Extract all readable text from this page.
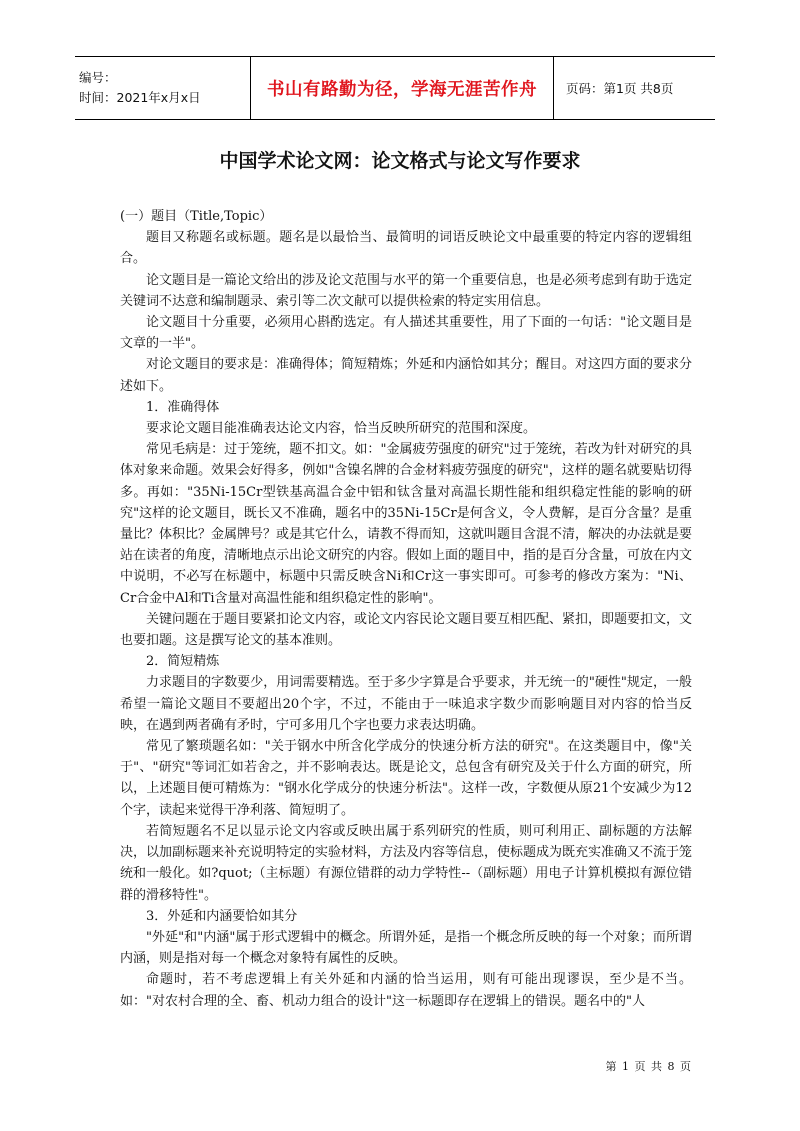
编号：
时间：2021年x月x日	书山有路勤为径，学海无涯苦作舟 页码：第1页 共8页
中国学术论文网：论文格式与论文写作要求

(一）题目（Title,Topic）

题目又称题名或标题。题名是以最恰当、最简明的词语反映论文中最重要的特定内容的逻辑组合。

论文题目是一篇论文给出的涉及论文范围与水平的第一个重要信息，也是必须考虑到有助于选定关键词不达意和编制题录、索引等二次文献可以提供检索的特定实用信息。

论文题目十分重要，必须用心斟酌选定。有人描述其重要性，用了下面的一句话："论文题目是文章的一半"。

对论文题目的要求是：准确得体；简短精炼；外延和内涵恰如其分；醒目。对这四方面的要求分述如下。

1．准确得体

要求论文题目能准确表达论文内容，恰当反映所研究的范围和深度。

常见毛病是：过于笼统，题不扣文。如："金属疲劳强度的研究"过于笼统，若改为针对研究的具体对象来命题。效果会好得多，例如"含镍名牌的合金材料疲劳强度的研究"，这样的题名就要贴切得多。再如："35Ni-15Cr型铁基高温合金中铝和钛含量对高温长期性能和组织稳定性能的影响的研究"这样的论文题目，既长又不准确，题名中的35Ni-15Cr是何含义，令人费解，是百分含量？是重量比？体积比？金属牌号？或是其它什么，请教不得而知，这就叫题目含混不清，解决的办法就是要站在读者的角度，清晰地点示出论文研究的内容。假如上面的题目中，指的是百分含量，可放在内文中说明，不必写在标题中，标题中只需反映含Ni和Cr这一事实即可。可参考的修改方案为："Ni、Cr合金中Al和Ti含量对高温性能和组织稳定性的影响"。

关键问题在于题目要紧扣论文内容，或论文内容民论文题目要互相匹配、紧扣，即题要扣文，文也要扣题。这是撰写论文的基本准则。

2．简短精炼

力求题目的字数要少，用词需要精选。至于多少字算是合乎要求，并无统一的"硬性"规定，一般希望一篇论文题目不要超出20个字，不过，不能由于一味追求字数少而影响题目对内容的恰当反映，在遇到两者确有矛时，宁可多用几个字也要力求表达明确。

常见了繁琐题名如："关于钢水中所含化学成分的快速分析方法的研究"。在这类题目中，像"关于"、"研究"等词汇如若舍之，并不影响表达。既是论文，总包含有研究及关于什么方面的研究，所以，上述题目便可精炼为："钢水化学成分的快速分析法"。这样一改，字数便从原21个安减少为12个字，读起来觉得干净利落、简短明了。

若简短题名不足以显示论文内容或反映出属于系列研究的性质，则可利用正、副标题的方法解决，以加副标题来补充说明特定的实验材料，方法及内容等信息，使标题成为既充实准确又不流于笼统和一般化。如?quot;（主标题）有源位错群的动力学特性--（副标题）用电子计算机模拟有源位错群的滑移特性"。

3．外延和内涵要恰如其分

"外延"和"内涵"属于形式逻辑中的概念。所谓外延，是指一个概念所反映的每一个对象；而所谓内涵，则是指对每一个概念对象特有属性的反映。

命题时，若不考虑逻辑上有关外延和内涵的恰当运用，则有可能出现谬误，至少是不当。如："对农村合理的全、畜、机动力组合的设计"这一标题即存在逻辑上的错误。题名中的"人

第 1 页 共 8 页
